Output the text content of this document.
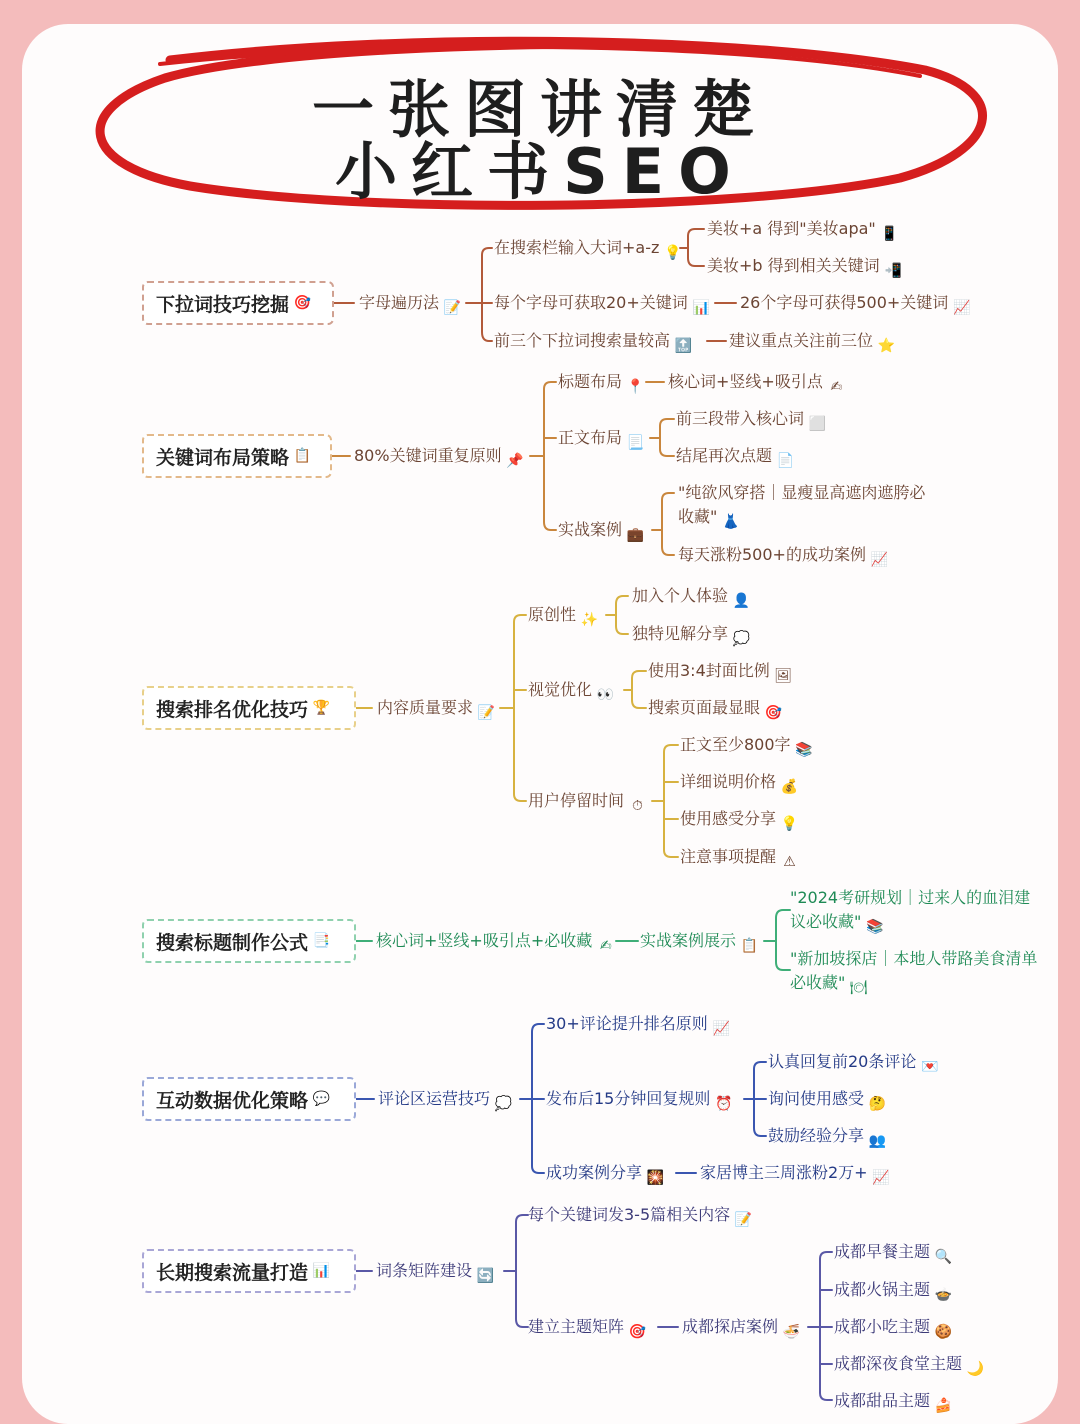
一张图讲清楚
小红书SEO
下拉词技巧挖掘 🎯	字母遍历法 📝
在搜索栏输入大词+a-z 💡
美妆+a 得到"美妆apa" 📱
美妆+b 得到相关关键词 📲
每个字母可获取20+关键词 📊 26个字母可获得500+关键词 📈
前三个下拉词搜索量较高 🔝 建议重点关注前三位 ⭐
关键词布局策略 📋	80%关键词重复原则 📌
标题布局 📍 核心词+竖线+吸引点 ✍
正文布局 📃
前三段带入核心词 ⬜
结尾再次点题 📄
实战案例 💼
"纯欲风穿搭｜显瘦显高遮肉遮胯必收藏" 👗
每天涨粉500+的成功案例 📈
搜索排名优化技巧 🏆	内容质量要求 📝
原创性 ✨
加入个人体验 👤
独特见解分享 💭
视觉优化 👀
使用3:4封面比例 🖼
搜索页面最显眼 🎯
用户停留时间 ⏱
正文至少800字 📚
详细说明价格 💰
使用感受分享 💡
注意事项提醒 ⚠
搜索标题制作公式 📑	核心词+竖线+吸引点+必收藏 ✍ 实战案例展示 📋
"2024考研规划｜过来人的血泪建议必收藏" 📚
"新加坡探店｜本地人带路美食清单必收藏" 🍽
互动数据优化策略 💬	评论区运营技巧 💭
30+评论提升排名原则 📈
发布后15分钟回复规则 ⏰
认真回复前20条评论 💌
询问使用感受 🤔
鼓励经验分享 👥
成功案例分享 🎇 家居博主三周涨粉2万+ 📈
长期搜索流量打造 📊	词条矩阵建设 🔄
每个关键词发3-5篇相关内容 📝
建立主题矩阵 🎯 成都探店案例 🍜
成都早餐主题 🔍
成都火锅主题 🍲
成都小吃主题 🍪
成都深夜食堂主题 🌙
成都甜品主题 🍰
